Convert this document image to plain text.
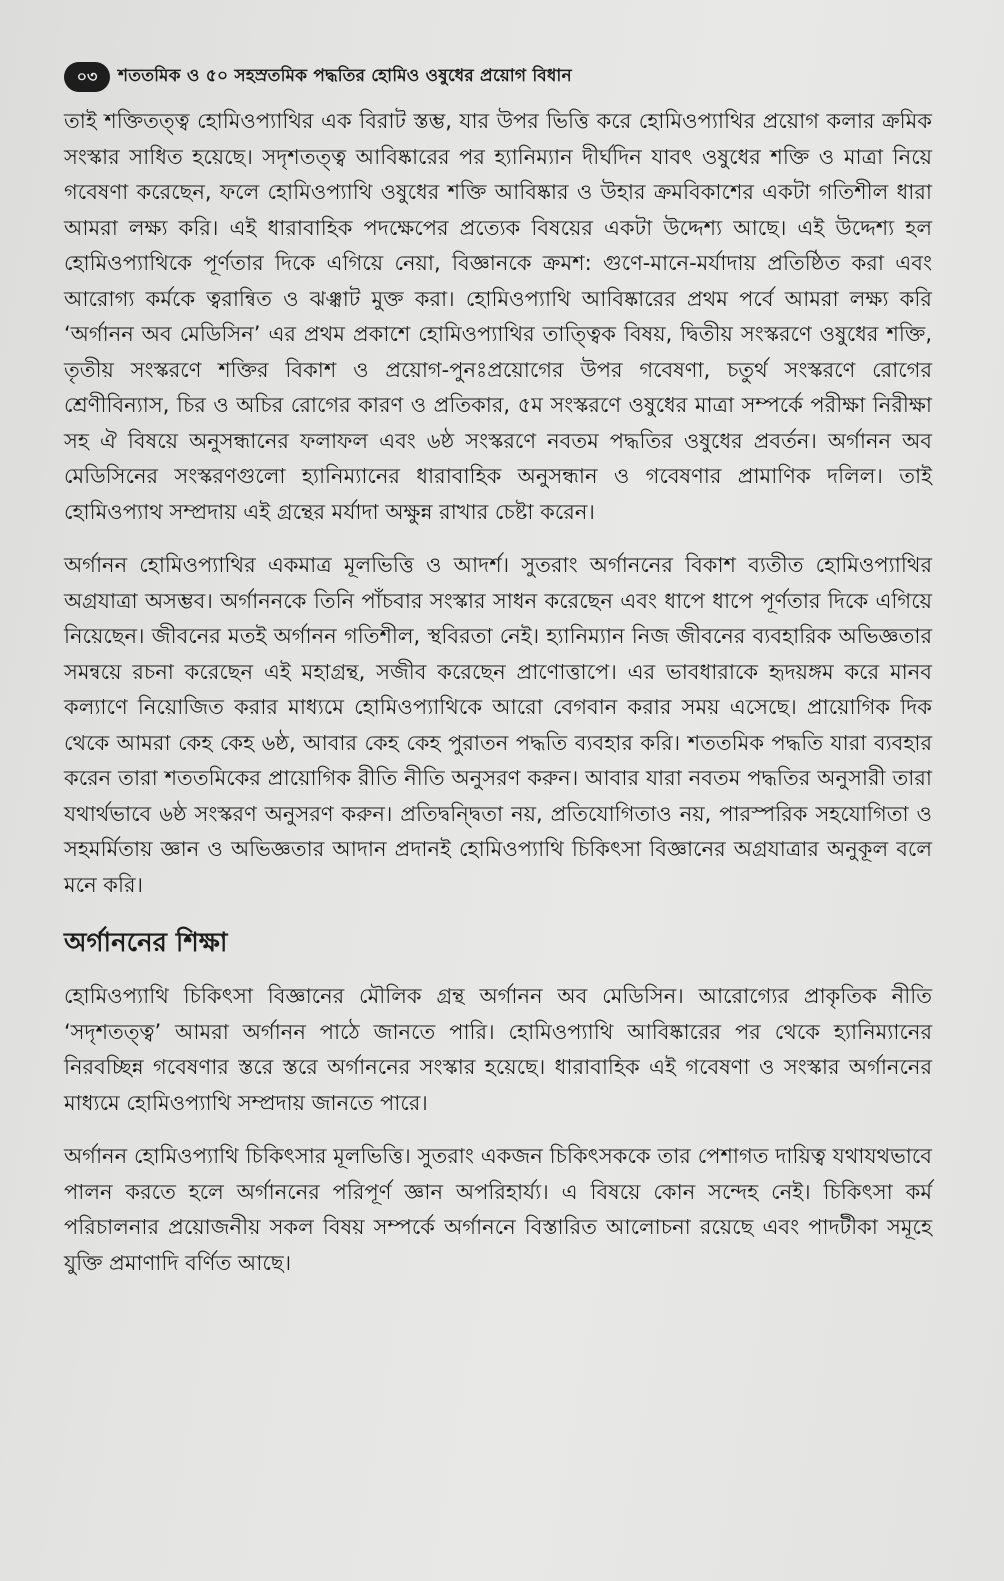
০৩	শততমিক ও ৫০ সহস্রতমিক পদ্ধতির হোমিও ওষুধের প্রয়োগ বিধান

তাই শক্তিতত্ত্ব হোমিওপ্যাথির এক বিরাট স্তম্ভ, যার উপর ভিত্তি করে হোমিওপ্যাথির প্রয়োগ কলার ক্রমিক সংস্কার সাধিত হয়েছে। সদৃশতত্ত্ব আবিষ্কারের পর হ্যানিম্যান দীর্ঘদিন যাবৎ ওষুধের শক্তি ও মাত্রা নিয়ে গবেষণা করেছেন, ফলে হোমিওপ্যাথি ওষুধের শক্তি আবিষ্কার ও উহার ক্রমবিকাশের একটা গতিশীল ধারা আমরা লক্ষ্য করি। এই ধারাবাহিক পদক্ষেপের প্রত্যেক বিষয়ের একটা উদ্দেশ্য আছে। এই উদ্দেশ্য হল হোমিওপ্যাথিকে পূর্ণতার দিকে এগিয়ে নেয়া, বিজ্ঞানকে ক্রমশ: গুণে-মানে-মর্যাদায় প্রতিষ্ঠিত করা এবং আরোগ্য কর্মকে ত্বরান্বিত ও ঝঞ্ঝাট মুক্ত করা। হোমিওপ্যাথি আবিষ্কারের প্রথম পর্বে আমরা লক্ষ্য করি ‘অর্গানন অব মেডিসিন’ এর প্রথম প্রকাশে হোমিওপ্যাথির তাত্ত্বিক বিষয়, দ্বিতীয় সংস্করণে ওষুধের শক্তি, তৃতীয় সংস্করণে শক্তির বিকাশ ও প্রয়োগ-পুনঃপ্রয়োগের উপর গবেষণা, চতুর্থ সংস্করণে রোগের শ্রেণীবিন্যাস, চির ও অচির রোগের কারণ ও প্রতিকার, ৫ম সংস্করণে ওষুধের মাত্রা সম্পর্কে পরীক্ষা নিরীক্ষা সহ ঐ বিষয়ে অনুসন্ধানের ফলাফল এবং ৬ষ্ঠ সংস্করণে নবতম পদ্ধতির ওষুধের প্রবর্তন। অর্গানন অব মেডিসিনের সংস্করণগুলো হ্যানিম্যানের ধারাবাহিক অনুসন্ধান ও গবেষণার প্রামাণিক দলিল। তাই হোমিওপ্যাথ সম্প্রদায় এই গ্রন্থের মর্যাদা অক্ষুন্ন রাখার চেষ্টা করেন।

অর্গানন হোমিওপ্যাথির একমাত্র মূলভিত্তি ও আদর্শ। সুতরাং অর্গাননের বিকাশ ব্যতীত হোমিওপ্যাথির অগ্রযাত্রা অসম্ভব। অর্গাননকে তিনি পাঁচবার সংস্কার সাধন করেছেন এবং ধাপে ধাপে পূর্ণতার দিকে এগিয়ে নিয়েছেন। জীবনের মতই অর্গানন গতিশীল, স্থবিরতা নেই। হ্যানিম্যান নিজ জীবনের ব্যবহারিক অভিজ্ঞতার সমন্বয়ে রচনা করেছেন এই মহাগ্রন্থ, সজীব করেছেন প্রাণোত্তাপে। এর ভাবধারাকে হৃদয়ঙ্গম করে মানব কল্যাণে নিয়োজিত করার মাধ্যমে হোমিওপ্যাথিকে আরো বেগবান করার সময় এসেছে। প্রায়োগিক দিক থেকে আমরা কেহ কেহ ৬ষ্ঠ, আবার কেহ কেহ পুরাতন পদ্ধতি ব্যবহার করি। শততমিক পদ্ধতি যারা ব্যবহার করেন তারা শততমিকের প্রায়োগিক রীতি নীতি অনুসরণ করুন। আবার যারা নবতম পদ্ধতির অনুসারী তারা যথার্থভাবে ৬ষ্ঠ সংস্করণ অনুসরণ করুন। প্রতিদ্বন্দ্বিতা নয়, প্রতিযোগিতাও নয়, পারস্পরিক সহযোগিতা ও সহমর্মিতায় জ্ঞান ও অভিজ্ঞতার আদান প্রদানই হোমিওপ্যাথি চিকিৎসা বিজ্ঞানের অগ্রযাত্রার অনুকূল বলে মনে করি।

অর্গাননের শিক্ষা

হোমিওপ্যাথি চিকিৎসা বিজ্ঞানের মৌলিক গ্রন্থ অর্গানন অব মেডিসিন। আরোগ্যের প্রাকৃতিক নীতি ‘সদৃশতত্ত্ব’ আমরা অর্গানন পাঠে জানতে পারি। হোমিওপ্যাথি আবিষ্কারের পর থেকে হ্যানিম্যানের নিরবচ্ছিন্ন গবেষণার স্তরে স্তরে অর্গাননের সংস্কার হয়েছে। ধারাবাহিক এই গবেষণা ও সংস্কার অর্গাননের মাধ্যমে হোমিওপ্যাথি সম্প্রদায় জানতে পারে।

অর্গানন হোমিওপ্যাথি চিকিৎসার মূলভিত্তি। সুতরাং একজন চিকিৎসককে তার পেশাগত দায়িত্ব যথাযথভাবে পালন করতে হলে অর্গাননের পরিপূর্ণ জ্ঞান অপরিহার্য্য। এ বিষয়ে কোন সন্দেহ নেই। চিকিৎসা কর্ম পরিচালনার প্রয়োজনীয় সকল বিষয় সম্পর্কে অর্গাননে বিস্তারিত আলোচনা রয়েছে এবং পাদটীকা সমূহে যুক্তি প্রমাণাদি বর্ণিত আছে।
